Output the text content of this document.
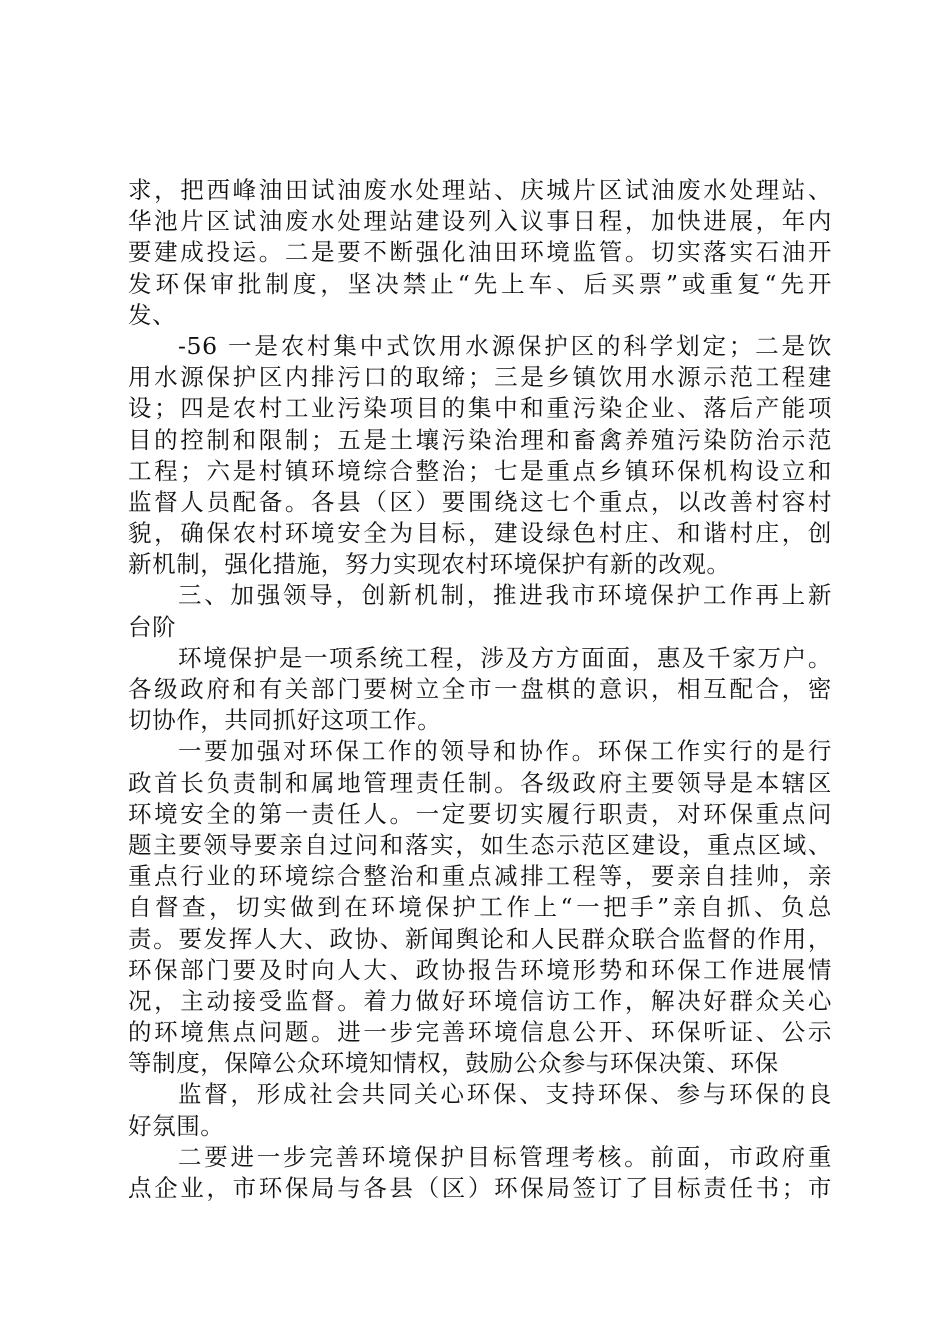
求，把西峰油田试油废水处理站、庆城片区试油废水处理站、
华池片区试油废水处理站建设列入议事日程，加快进展，年内
要建成投运。二是要不断强化油田环境监管。切实落实石油开
发环保审批制度，坚决禁止“先上车、后买票”或重复“先开
发、
-56 一是农村集中式饮用水源保护区的科学划定；二是饮
用水源保护区内排污口的取缔；三是乡镇饮用水源示范工程建
设；四是农村工业污染项目的集中和重污染企业、落后产能项
目的控制和限制；五是土壤污染治理和畜禽养殖污染防治示范
工程；六是村镇环境综合整治；七是重点乡镇环保机构设立和
监督人员配备。各县（区）要围绕这七个重点，以改善村容村
貌，确保农村环境安全为目标，建设绿色村庄、和谐村庄，创
新机制，强化措施，努力实现农村环境保护有新的改观。
三、加强领导，创新机制，推进我市环境保护工作再上新
台阶
环境保护是一项系统工程，涉及方方面面，惠及千家万户。
各级政府和有关部门要树立全市一盘棋的意识，相互配合，密
切协作，共同抓好这项工作。
一要加强对环保工作的领导和协作。环保工作实行的是行
政首长负责制和属地管理责任制。各级政府主要领导是本辖区
环境安全的第一责任人。一定要切实履行职责，对环保重点问
题主要领导要亲自过问和落实，如生态示范区建设，重点区域、
重点行业的环境综合整治和重点减排工程等，要亲自挂帅，亲
自督查，切实做到在环境保护工作上“一把手”亲自抓、负总
责。要发挥人大、政协、新闻舆论和人民群众联合监督的作用，
环保部门要及时向人大、政协报告环境形势和环保工作进展情
况，主动接受监督。着力做好环境信访工作，解决好群众关心
的环境焦点问题。进一步完善环境信息公开、环保听证、公示
等制度，保障公众环境知情权，鼓励公众参与环保决策、环保
监督，形成社会共同关心环保、支持环保、参与环保的良
好氛围。
二要进一步完善环境保护目标管理考核。前面，市政府重
点企业，市环保局与各县（区）环保局签订了目标责任书；市
